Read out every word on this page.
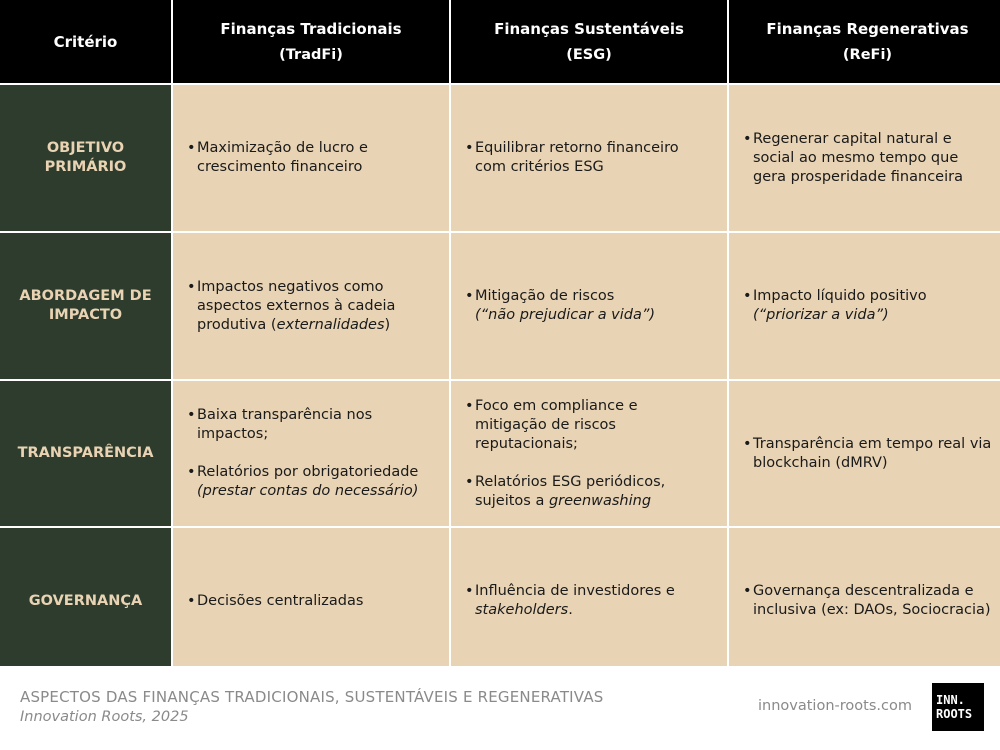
Critério
Finanças Tradicionais
(TradFi)
Finanças Sustentáveis
(ESG)
Finanças Regenerativas
(ReFi)
OBJETIVO
PRIMÁRIO
•
Maximização de lucro e crescimento financeiro
•
Equilibrar retorno financeiro com critérios ESG
•
Regenerar capital natural e social ao mesmo tempo que gera prosperidade financeira
ABORDAGEM DE
IMPACTO
•
Impactos negativos como aspectos externos à cadeia produtiva (externalidades)
•
Mitigação de riscos
(“não prejudicar a vida”)
•
Impacto líquido positivo
(“priorizar a vida”)
TRANSPARÊNCIA
•
Baixa transparência nos impactos;
•
Relatórios por obrigatoriedade
(prestar contas do necessário)
•
Foco em compliance e mitigação de riscos reputacionais;
•
Relatórios ESG periódicos, sujeitos a greenwashing
•
Transparência em tempo real via blockchain (dMRV)
GOVERNANÇA
•	Decisões centralizadas
•
Influência de investidores e
stakeholders.
•
Governança descentralizada e inclusiva (ex: DAOs, Sociocracia)
ASPECTOS DAS FINANÇAS TRADICIONAIS, SUSTENTÁVEIS E REGENERATIVAS
Innovation Roots, 2025
innovation-roots.com INN.
ROOTS
